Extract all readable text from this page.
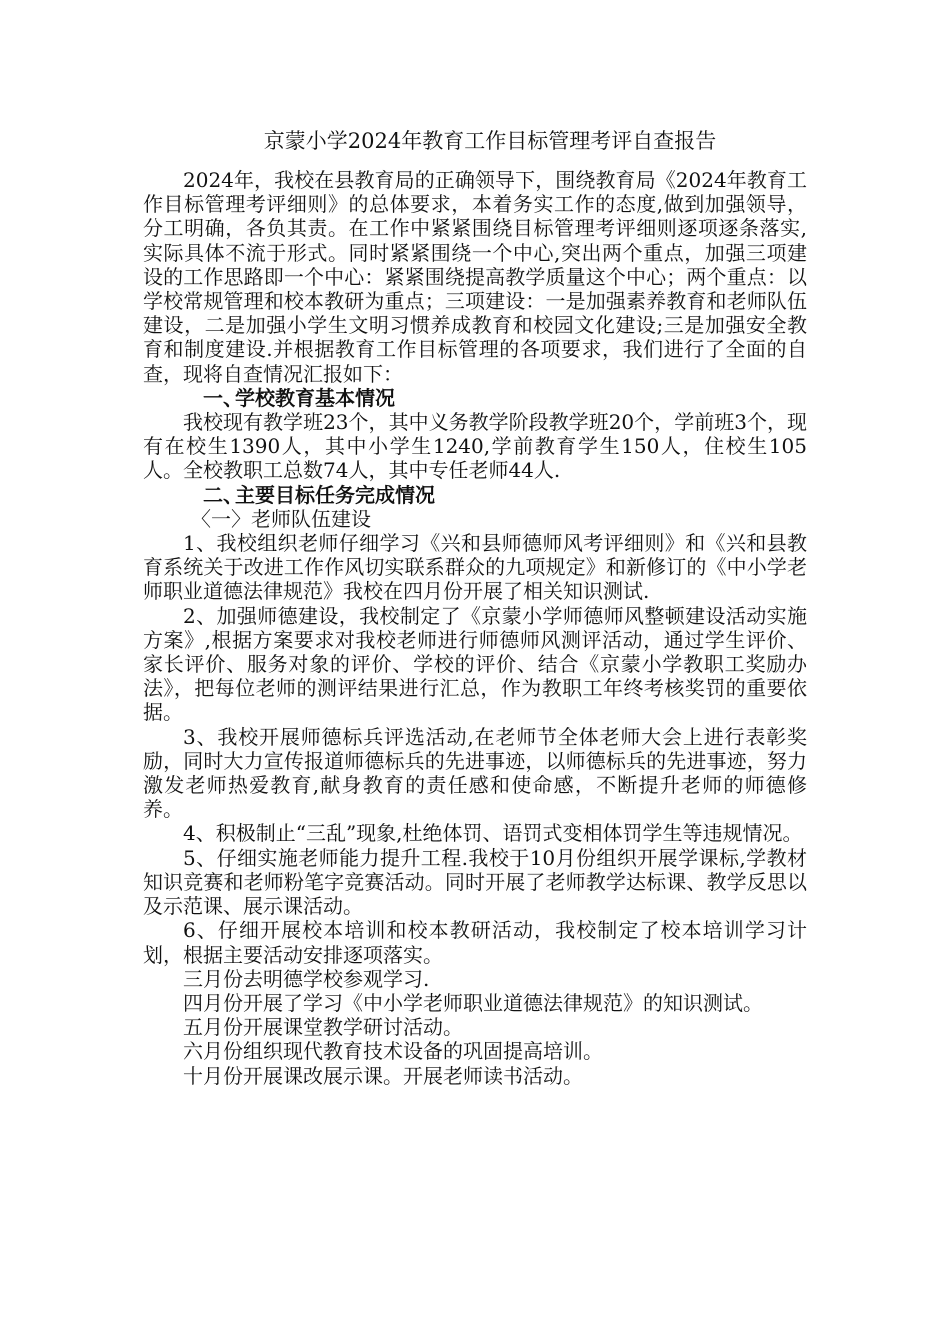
京蒙小学2024年教育工作目标管理考评自查报告

2024年，我校在县教育局的正确领导下，围绕教育局《2024年教育工作目标管理考评细则》的总体要求，本着务实工作的态度,做到加强领导，分工明确，各负其责。在工作中紧紧围绕目标管理考评细则逐项逐条落实,实际具体不流于形式。同时紧紧围绕一个中心,突出两个重点，加强三项建设的工作思路即一个中心：紧紧围绕提高教学质量这个中心；两个重点：以学校常规管理和校本教研为重点；三项建设：一是加强素养教育和老师队伍建设，二是加强小学生文明习惯养成教育和校园文化建设;三是加强安全教育和制度建设.并根据教育工作目标管理的各项要求，我们进行了全面的自查，现将自查情况汇报如下：

一、学校教育基本情况

我校现有教学班23个，其中义务教学阶段教学班20个，学前班3个，现有在校生1390人，其中小学生1240,学前教育学生150人，住校生105人。全校教职工总数74人，其中专任老师44人.

二、主要目标任务完成情况

〈一〉老师队伍建设

1、我校组织老师仔细学习《兴和县师德师风考评细则》和《兴和县教育系统关于改进工作作风切实联系群众的九项规定》和新修订的《中小学老师职业道德法律规范》我校在四月份开展了相关知识测试.

2、加强师德建设，我校制定了《京蒙小学师德师风整顿建设活动实施方案》,根据方案要求对我校老师进行师德师风测评活动，通过学生评价、家长评价、服务对象的评价、学校的评价、结合《京蒙小学教职工奖励办法》，把每位老师的测评结果进行汇总，作为教职工年终考核奖罚的重要依据。

3、我校开展师德标兵评选活动,在老师节全体老师大会上进行表彰奖励，同时大力宣传报道师德标兵的先进事迹，以师德标兵的先进事迹，努力激发老师热爱教育,献身教育的责任感和使命感，不断提升老师的师德修养。

4、积极制止“三乱”现象,杜绝体罚、语罚式变相体罚学生等违规情况。

5、仔细实施老师能力提升工程.我校于10月份组织开展学课标,学教材知识竞赛和老师粉笔字竞赛活动。同时开展了老师教学达标课、教学反思以及示范课、展示课活动。

6、仔细开展校本培训和校本教研活动，我校制定了校本培训学习计划，根据主要活动安排逐项落实。

三月份去明德学校参观学习.

四月份开展了学习《中小学老师职业道德法律规范》的知识测试。

五月份开展课堂教学研讨活动。

六月份组织现代教育技术设备的巩固提高培训。

十月份开展课改展示课。开展老师读书活动。
